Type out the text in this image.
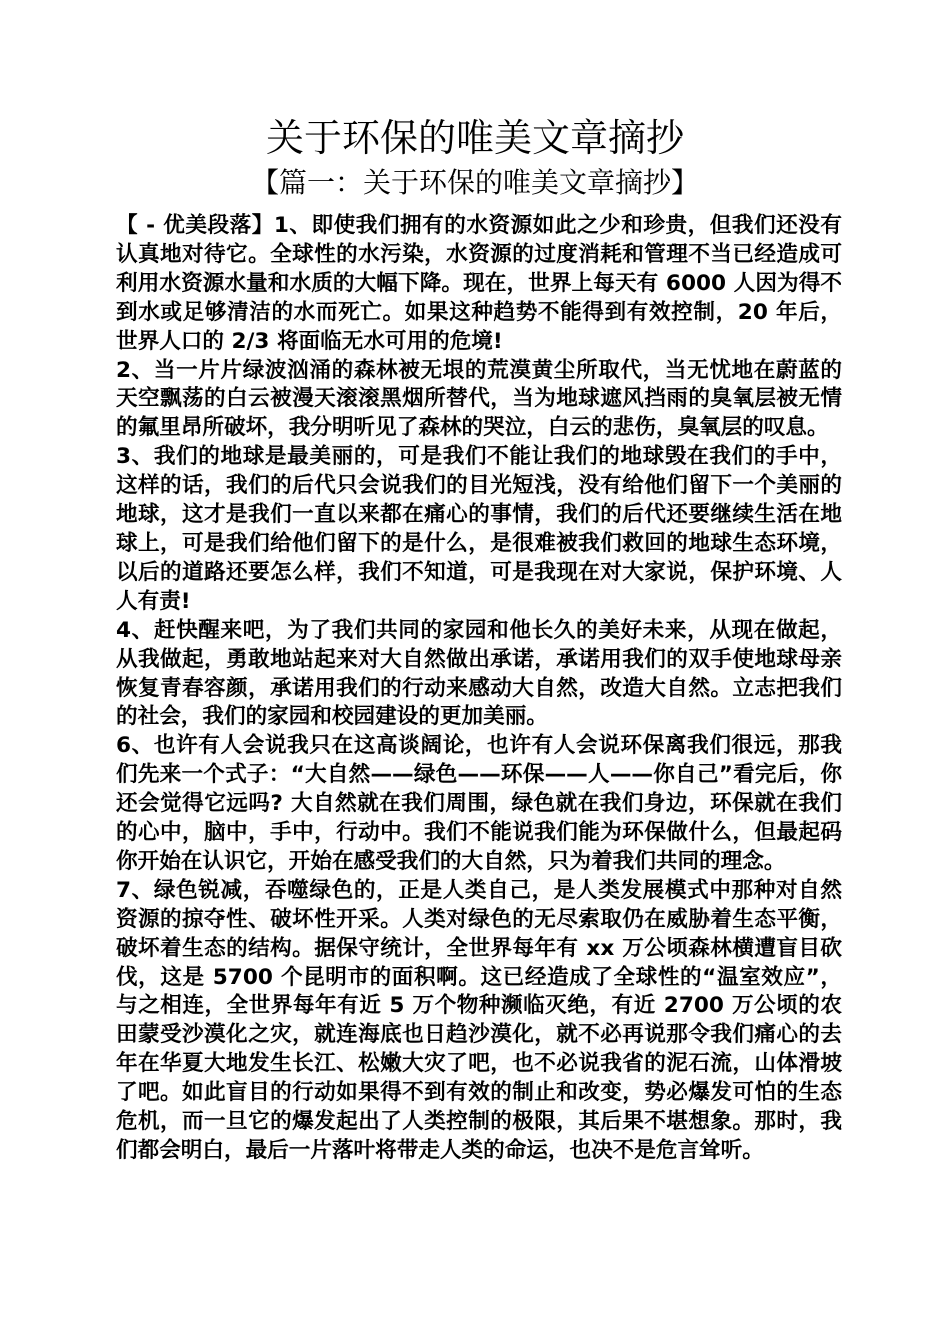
关于环保的唯美文章摘抄
【篇一：关于环保的唯美文章摘抄】

【 - 优美段落】1、即使我们拥有的水资源如此之少和珍贵，但我们还没有认真地对待它。全球性的水污染，水资源的过度消耗和管理不当已经造成可利用水资源水量和水质的大幅下降。现在，世界上每天有 6000 人因为得不到水或足够清洁的水而死亡。如果这种趋势不能得到有效控制，20 年后，世界人口的 2/3 将面临无水可用的危境!

2、当一片片绿波汹涌的森林被无垠的荒漠黄尘所取代，当无忧地在蔚蓝的天空飘荡的白云被漫天滚滚黑烟所替代，当为地球遮风挡雨的臭氧层被无情的氟里昂所破坏，我分明听见了森林的哭泣，白云的悲伤，臭氧层的叹息。

3、我们的地球是最美丽的，可是我们不能让我们的地球毁在我们的手中，这样的话，我们的后代只会说我们的目光短浅，没有给他们留下一个美丽的地球，这才是我们一直以来都在痛心的事情，我们的后代还要继续生活在地球上，可是我们给他们留下的是什么，是很难被我们救回的地球生态环境，以后的道路还要怎么样，我们不知道，可是我现在对大家说，保护环境、人人有责!

4、赶快醒来吧，为了我们共同的家园和他长久的美好未来，从现在做起，从我做起，勇敢地站起来对大自然做出承诺，承诺用我们的双手使地球母亲恢复青春容颜，承诺用我们的行动来感动大自然，改造大自然。立志把我们的社会，我们的家园和校园建设的更加美丽。

6、也许有人会说我只在这高谈阔论，也许有人会说环保离我们很远，那我们先来一个式子：“大自然——绿色——环保——人——你自己”看完后，你还会觉得它远吗? 大自然就在我们周围，绿色就在我们身边，环保就在我们的心中，脑中，手中，行动中。我们不能说我们能为环保做什么，但最起码你开始在认识它，开始在感受我们的大自然，只为着我们共同的理念。

7、绿色锐减，吞噬绿色的，正是人类自己，是人类发展模式中那种对自然资源的掠夺性、破坏性开采。人类对绿色的无尽索取仍在威胁着生态平衡，破坏着生态的结构。据保守统计，全世界每年有 xx 万公顷森林横遭盲目砍伐，这是 5700 个昆明市的面积啊。这已经造成了全球性的“温室效应”，与之相连，全世界每年有近 5 万个物种濒临灭绝，有近 2700 万公顷的农田蒙受沙漠化之灾，就连海底也日趋沙漠化，就不必再说那令我们痛心的去年在华夏大地发生长江、松嫩大灾了吧，也不必说我省的泥石流，山体滑坡了吧。如此盲目的行动如果得不到有效的制止和改变，势必爆发可怕的生态危机，而一旦它的爆发起出了人类控制的极限，其后果不堪想象。那时，我们都会明白，最后一片落叶将带走人类的命运，也决不是危言耸听。
